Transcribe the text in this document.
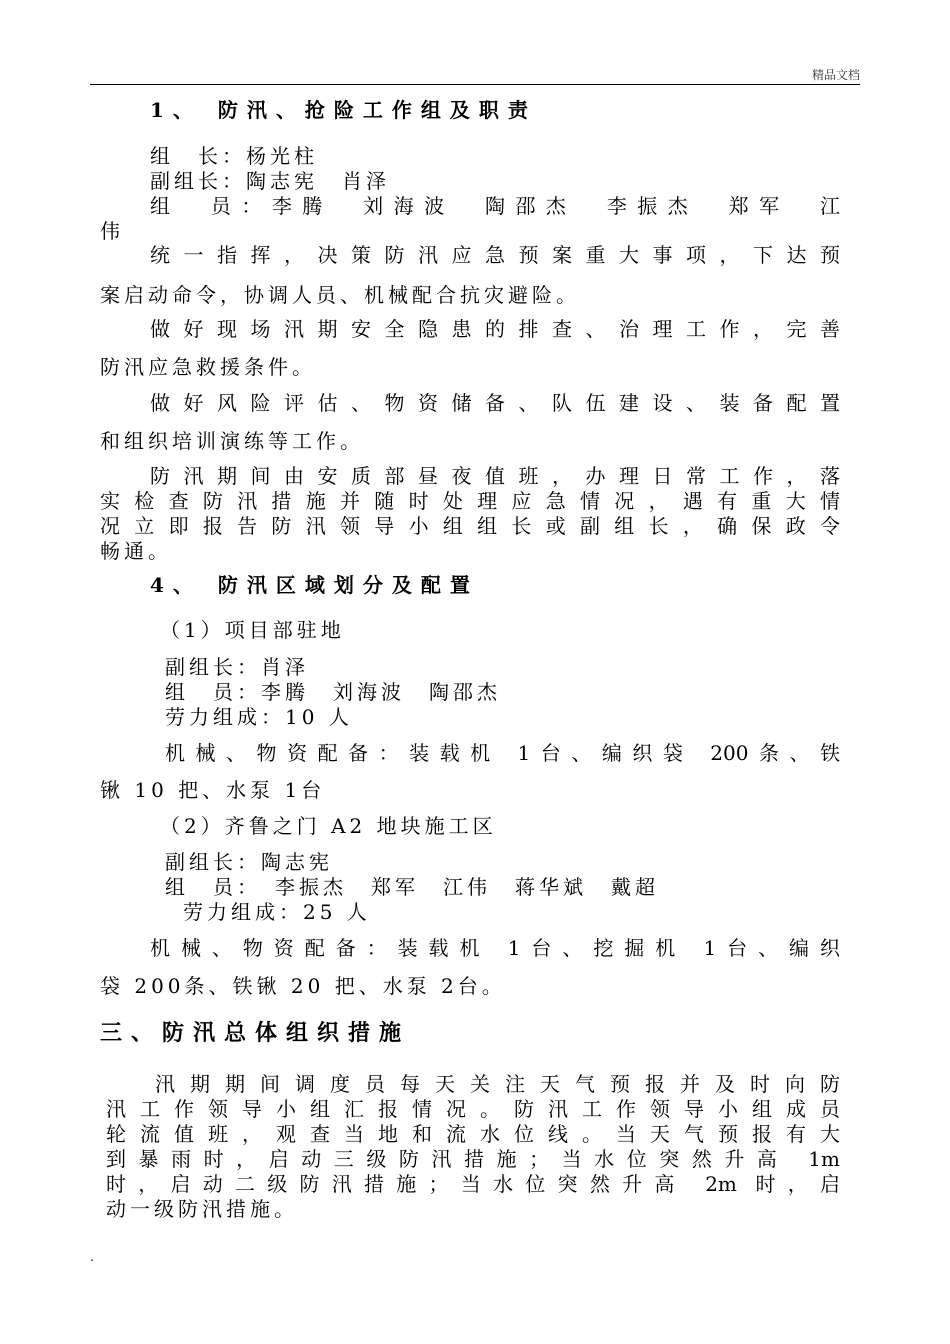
精品文档
1、 防汛、抢险工作组及职责
组　长：杨光柱
副组长：陶志宪　肖泽
组　员：李腾　刘海波　陶邵杰　李振杰　郑军　江
伟
统一指挥，决策防汛应急预案重大事项，下达预
案启动命令，协调人员、机械配合抗灾避险。
做好现场汛期安全隐患的排查、治理工作，完善
防汛应急救援条件。
做好风险评估、物资储备、队伍建设、装备配置
和组织培训演练等工作。
防汛期间由安质部昼夜值班，办理日常工作，落
实检查防汛措施并随时处理应急情况，遇有重大情
况立即报告防汛领导小组组长或副组长，确保政令
畅通。
4、 防汛区域划分及配置
（1）项目部驻地
副组长：肖泽
组　员：李腾　刘海波　陶邵杰
劳力组成：10 人
机械、物资配备：装载机 1台、编织袋 200条、铁
锹 10 把、水泵 1台
（2）齐鲁之门 A2 地块施工区
副组长：陶志宪
组　员：　李振杰　郑军　江伟　蒋华斌　戴超
劳力组成：25 人
机械、物资配备：装载机 1台、挖掘机 1台、编织
袋 200条、铁锹 20 把、水泵 2台。
三、防汛总体组织措施
汛期期间调度员每天关注天气预报并及时向防
汛工作领导小组汇报情况。防汛工作领导小组成员
轮流值班，观查当地和流水位线。当天气预报有大
到暴雨时，启动三级防汛措施；当水位突然升高 1m
时，启动二级防汛措施；当水位突然升高 2m 时，启
动一级防汛措施。
.
